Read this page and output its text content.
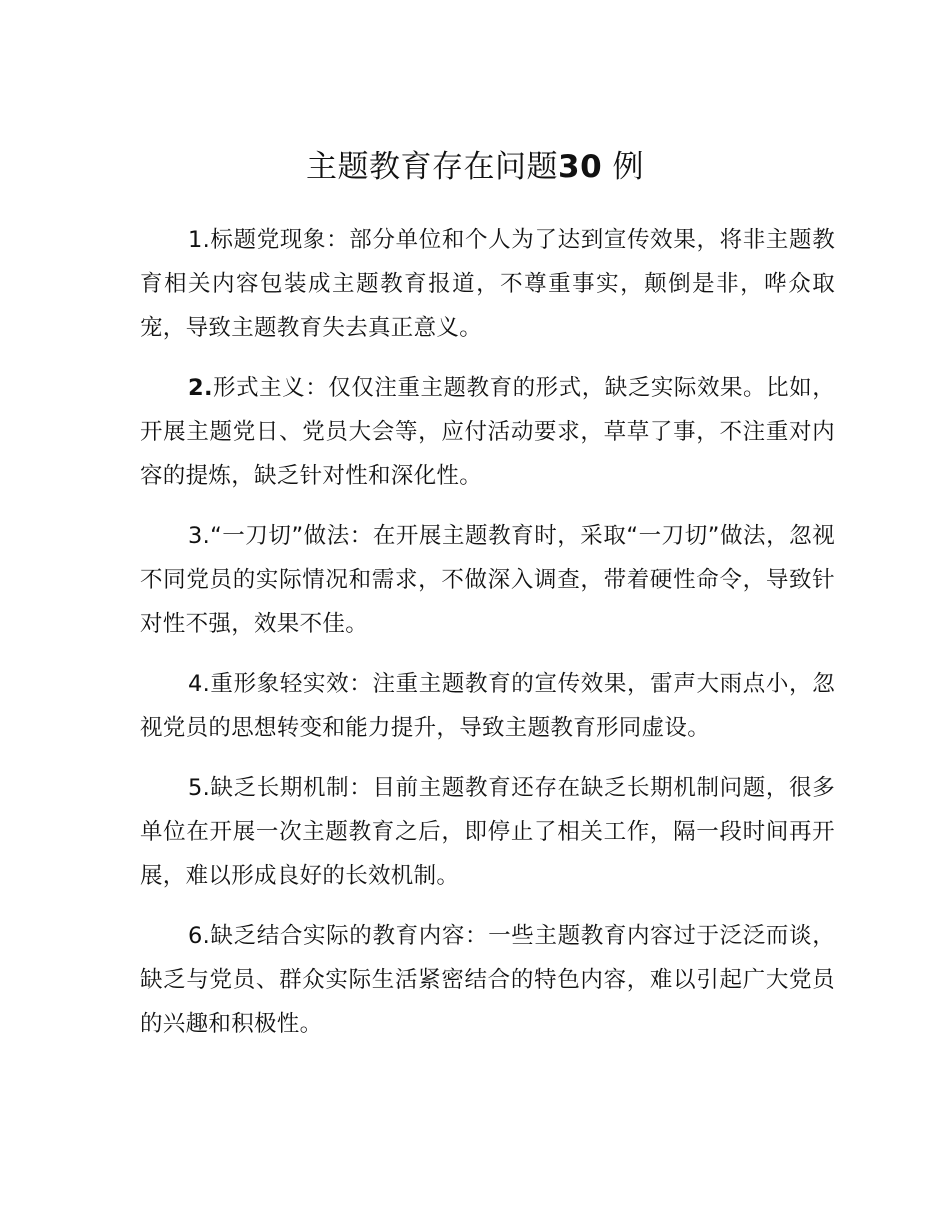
主题教育存在问题30 例

1.标题党现象：部分单位和个人为了达到宣传效果，将非主题教育相关内容包装成主题教育报道，不尊重事实，颠倒是非，哗众取宠，导致主题教育失去真正意义。

2.形式主义：仅仅注重主题教育的形式，缺乏实际效果。比如，开展主题党日、党员大会等，应付活动要求，草草了事，不注重对内容的提炼，缺乏针对性和深化性。

3.“一刀切”做法：在开展主题教育时，采取“一刀切”做法，忽视不同党员的实际情况和需求，不做深入调查，带着硬性命令，导致针对性不强，效果不佳。

4.重形象轻实效：注重主题教育的宣传效果，雷声大雨点小，忽视党员的思想转变和能力提升，导致主题教育形同虚设。

5.缺乏长期机制：目前主题教育还存在缺乏长期机制问题，很多单位在开展一次主题教育之后，即停止了相关工作，隔一段时间再开展，难以形成良好的长效机制。

6.缺乏结合实际的教育内容：一些主题教育内容过于泛泛而谈，缺乏与党员、群众实际生活紧密结合的特色内容，难以引起广大党员的兴趣和积极性。
